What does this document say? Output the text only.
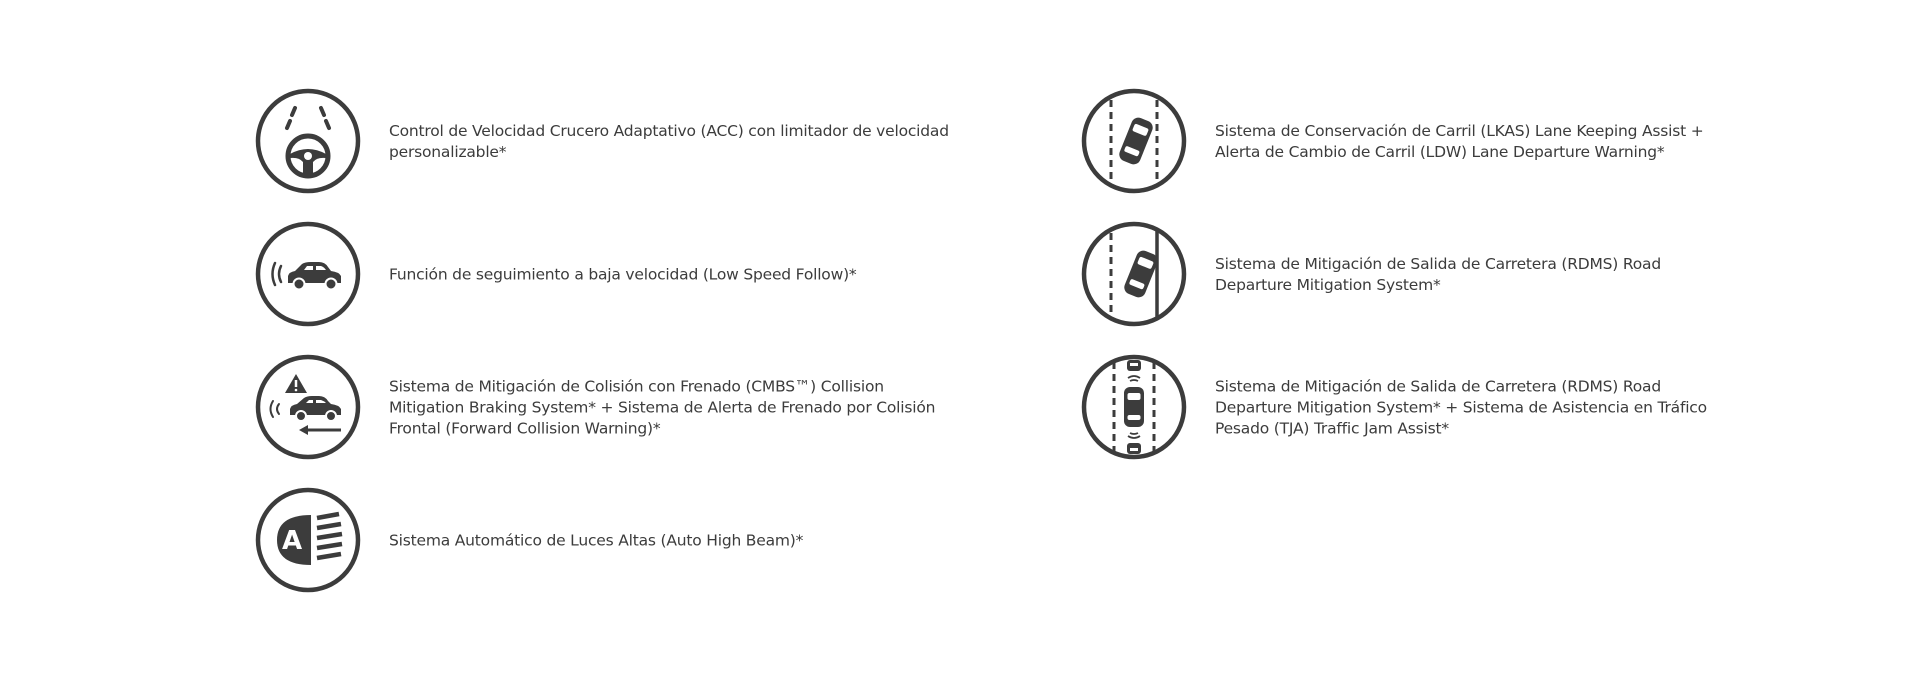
Control de Velocidad Crucero Adaptativo (ACC) con limitador de velocidad personalizable*
Función de seguimiento a baja velocidad (Low Speed Follow)*
Sistema de Mitigación de Colisión con Frenado (CMBS™) Collision Mitigation Braking System* + Sistema de Alerta de Frenado por Colisión Frontal (Forward Collision Warning)*
A	Sistema Automático de Luces Altas (Auto High Beam)*
Sistema de Conservación de Carril (LKAS) Lane Keeping Assist + Alerta de Cambio de Carril (LDW) Lane Departure Warning*
Sistema de Mitigación de Salida de Carretera (RDMS) Road Departure Mitigation System*
Sistema de Mitigación de Salida de Carretera (RDMS) Road Departure Mitigation System* + Sistema de Asistencia en Tráfico Pesado (TJA) Traffic Jam Assist*
